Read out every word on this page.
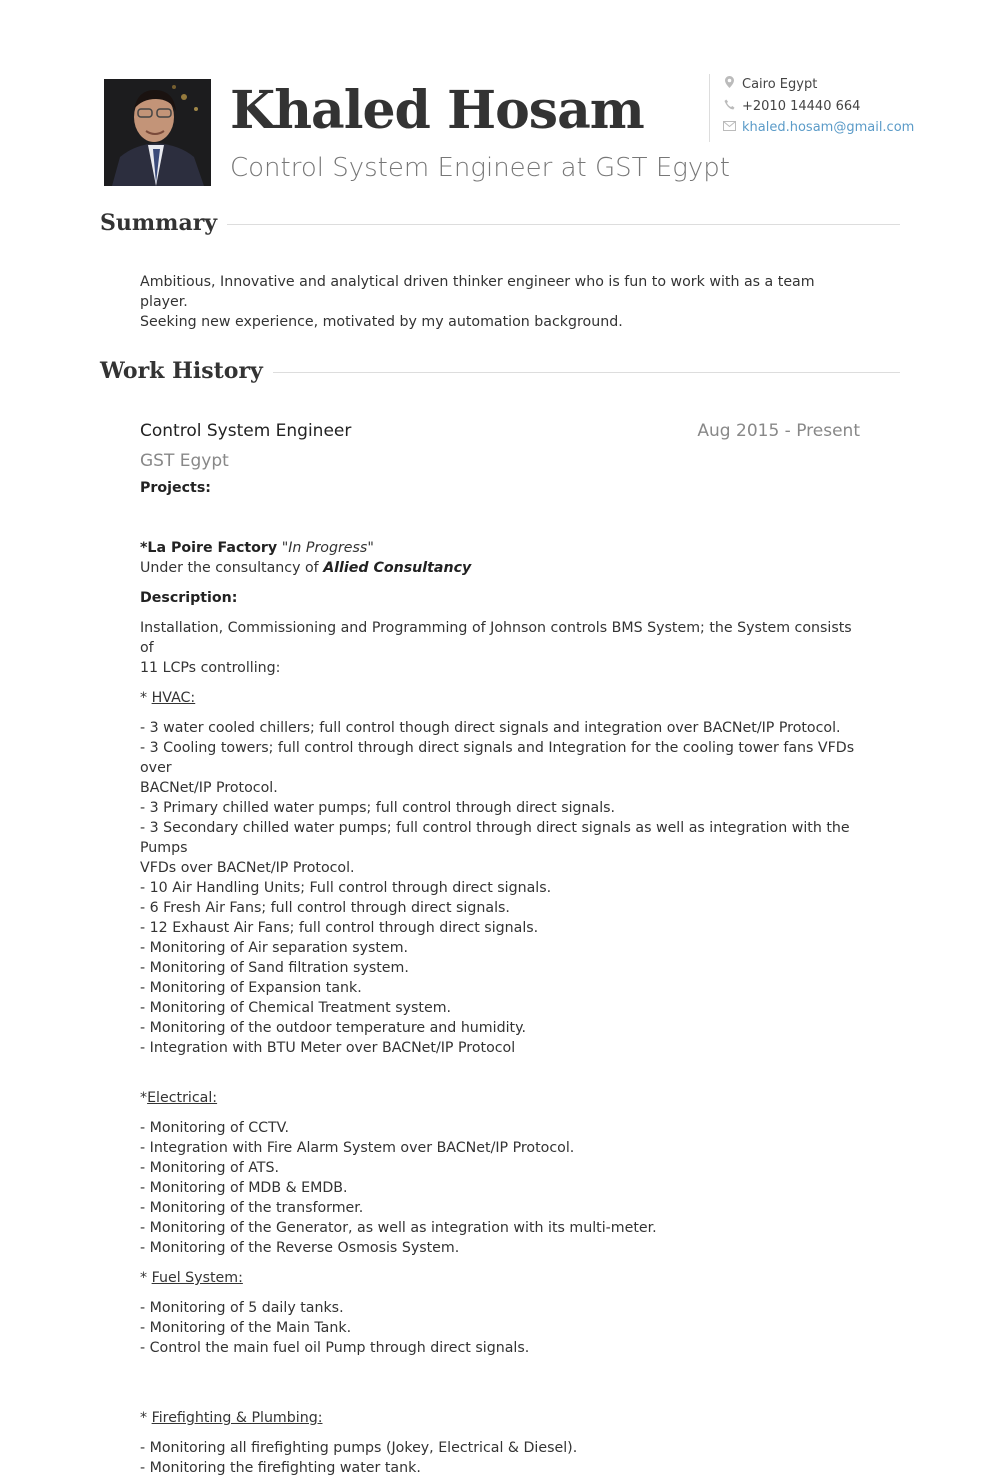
Khaled Hosam
Control System Engineer at GST Egypt
Cairo Egypt
+2010 14440 664
khaled.hosam@gmail.com
Summary
Ambitious, Innovative and analytical driven thinker engineer who is fun to work with as a team player.
Seeking new experience, motivated by my automation background.
Work History
Control System Engineer	Aug 2015 - Present
GST Egypt

Projects:

*La Poire Factory "In Progress"

Under the consultancy of Allied Consultancy

Description:

Installation, Commissioning and Programming of Johnson controls BMS System; the System consists of

11 LCPs controlling:

* HVAC:

- 3 water cooled chillers; full control though direct signals and integration over BACNet/IP Protocol.

- 3 Cooling towers; full control through direct signals and Integration for the cooling tower fans VFDs over

BACNet/IP Protocol.

- 3 Primary chilled water pumps; full control through direct signals.

- 3 Secondary chilled water pumps; full control through direct signals as well as integration with the Pumps

VFDs over BACNet/IP Protocol.

- 10 Air Handling Units; Full control through direct signals.

- 6 Fresh Air Fans; full control through direct signals.

- 12 Exhaust Air Fans; full control through direct signals.

- Monitoring of Air separation system.

- Monitoring of Sand filtration system.

- Monitoring of Expansion tank.

- Monitoring of Chemical Treatment system.

- Monitoring of the outdoor temperature and humidity.

- Integration with BTU Meter over BACNet/IP Protocol

*Electrical:

- Monitoring of CCTV.

- Integration with Fire Alarm System over BACNet/IP Protocol.

- Monitoring of ATS.

- Monitoring of MDB & EMDB.

- Monitoring of the transformer.

- Monitoring of the Generator, as well as integration with its multi-meter.

- Monitoring of the Reverse Osmosis System.

* Fuel System:

- Monitoring of 5 daily tanks.

- Monitoring of the Main Tank.

- Control the main fuel oil Pump through direct signals.

* Firefighting & Plumbing:

- Monitoring all firefighting pumps (Jokey, Electrical & Diesel).

- Monitoring the firefighting water tank.
